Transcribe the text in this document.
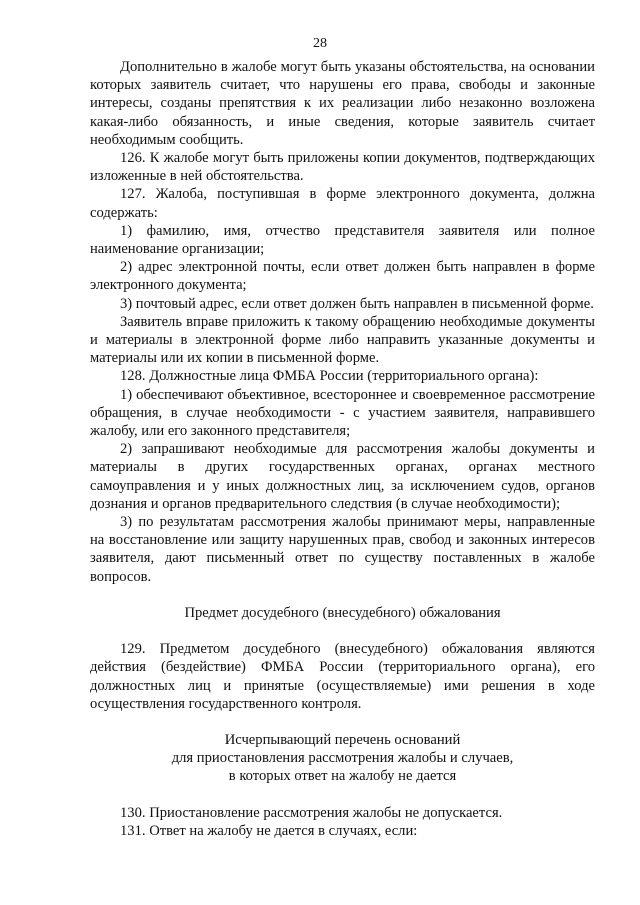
28

Дополнительно в жалобе могут быть указаны обстоятельства, на основании которых заявитель считает, что нарушены его права, свободы и законные интересы, созданы препятствия к их реализации либо незаконно возложена какая-либо обязанность, и иные сведения, которые заявитель считает необходимым сообщить.

126. К жалобе могут быть приложены копии документов, подтверждающих изложенные в ней обстоятельства.

127. Жалоба, поступившая в форме электронного документа, должна содержать:

1) фамилию, имя, отчество представителя заявителя или полное наименование организации;

2) адрес электронной почты, если ответ должен быть направлен в форме электронного документа;

3) почтовый адрес, если ответ должен быть направлен в письменной форме.

Заявитель вправе приложить к такому обращению необходимые документы и материалы в электронной форме либо направить указанные документы и материалы или их копии в письменной форме.

128. Должностные лица ФМБА России (территориального органа):

1) обеспечивают объективное, всестороннее и своевременное рассмотрение обращения, в случае необходимости - с участием заявителя, направившего жалобу, или его законного представителя;

2) запрашивают необходимые для рассмотрения жалобы документы и материалы в других государственных органах, органах местного самоуправления и у иных должностных лиц, за исключением судов, органов дознания и органов предварительного следствия (в случае необходимости);

3) по результатам рассмотрения жалобы принимают меры, направленные на восстановление или защиту нарушенных прав, свобод и законных интересов заявителя, дают письменный ответ по существу поставленных в жалобе вопросов.

Предмет досудебного (внесудебного) обжалования

129. Предметом досудебного (внесудебного) обжалования являются действия (бездействие) ФМБА России (территориального органа), его должностных лиц и принятые (осуществляемые) ими решения в ходе осуществления государственного контроля.

Исчерпывающий перечень оснований

для приостановления рассмотрения жалобы и случаев,

в которых ответ на жалобу не дается

130. Приостановление рассмотрения жалобы не допускается.

131. Ответ на жалобу не дается в случаях, если:
